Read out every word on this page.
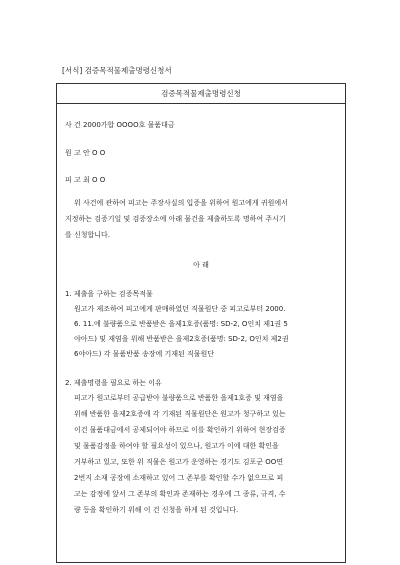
[서식] 검증목적물제출명령신청서
검증목적물제출명령신청
사 건 2000가합 OOOO호 물품대금
원 고 안 O O
피 고 최 O O
위 사건에 관하여 피고는 주장사실의 입증을 위하여 원고에게 귀원에서
지정하는 검증기일 및 검증장소에 아래 물건을 제출하도록 명하여 주시기
를 신청합니다.
아 래
1. 제출을 구하는 검증목적물
원고가 제조하여 피고에게 판매하였던 직물원단 중 피고로부터 2000.
6. 11.에 불량품으로 반품받은 을제1호증(품명: SD-2, O인치 제1권 5
야아드) 및 재염을 위해 반품받은 을제2호증(품명: SD-2, O인치 제2권
6야아드) 각 물품반품 송장에 기재된 직물원단
2. 제출명령을 필요로 하는 이유
피고가 원고로부터 공급받아 불량품으로 반품한 을제1호증 및 재염을
위해 반품한 을제2호증에 각 기재된 직물원단은 원고가 청구하고 있는
이건 물품대금에서 공제되어야 하므로 이를 확인하기 위하여 현장검증
및 물품감정을 하여야 할 필요성이 있으나, 원고가 이에 대한 확인을
거부하고 있고, 또한 위 직물은 원고가 운영하는 경기도 김포군 OO면
2번지 소재 공장에 소재하고 있어 그 존부를 확인할 수가 없으므로 피
고는 감정에 앞서 그 존부의 확인과 존재하는 경우에 그 종류, 규격, 수
량 등을 확인하기 위해 이 건 신청을 하게 된 것입니다.
